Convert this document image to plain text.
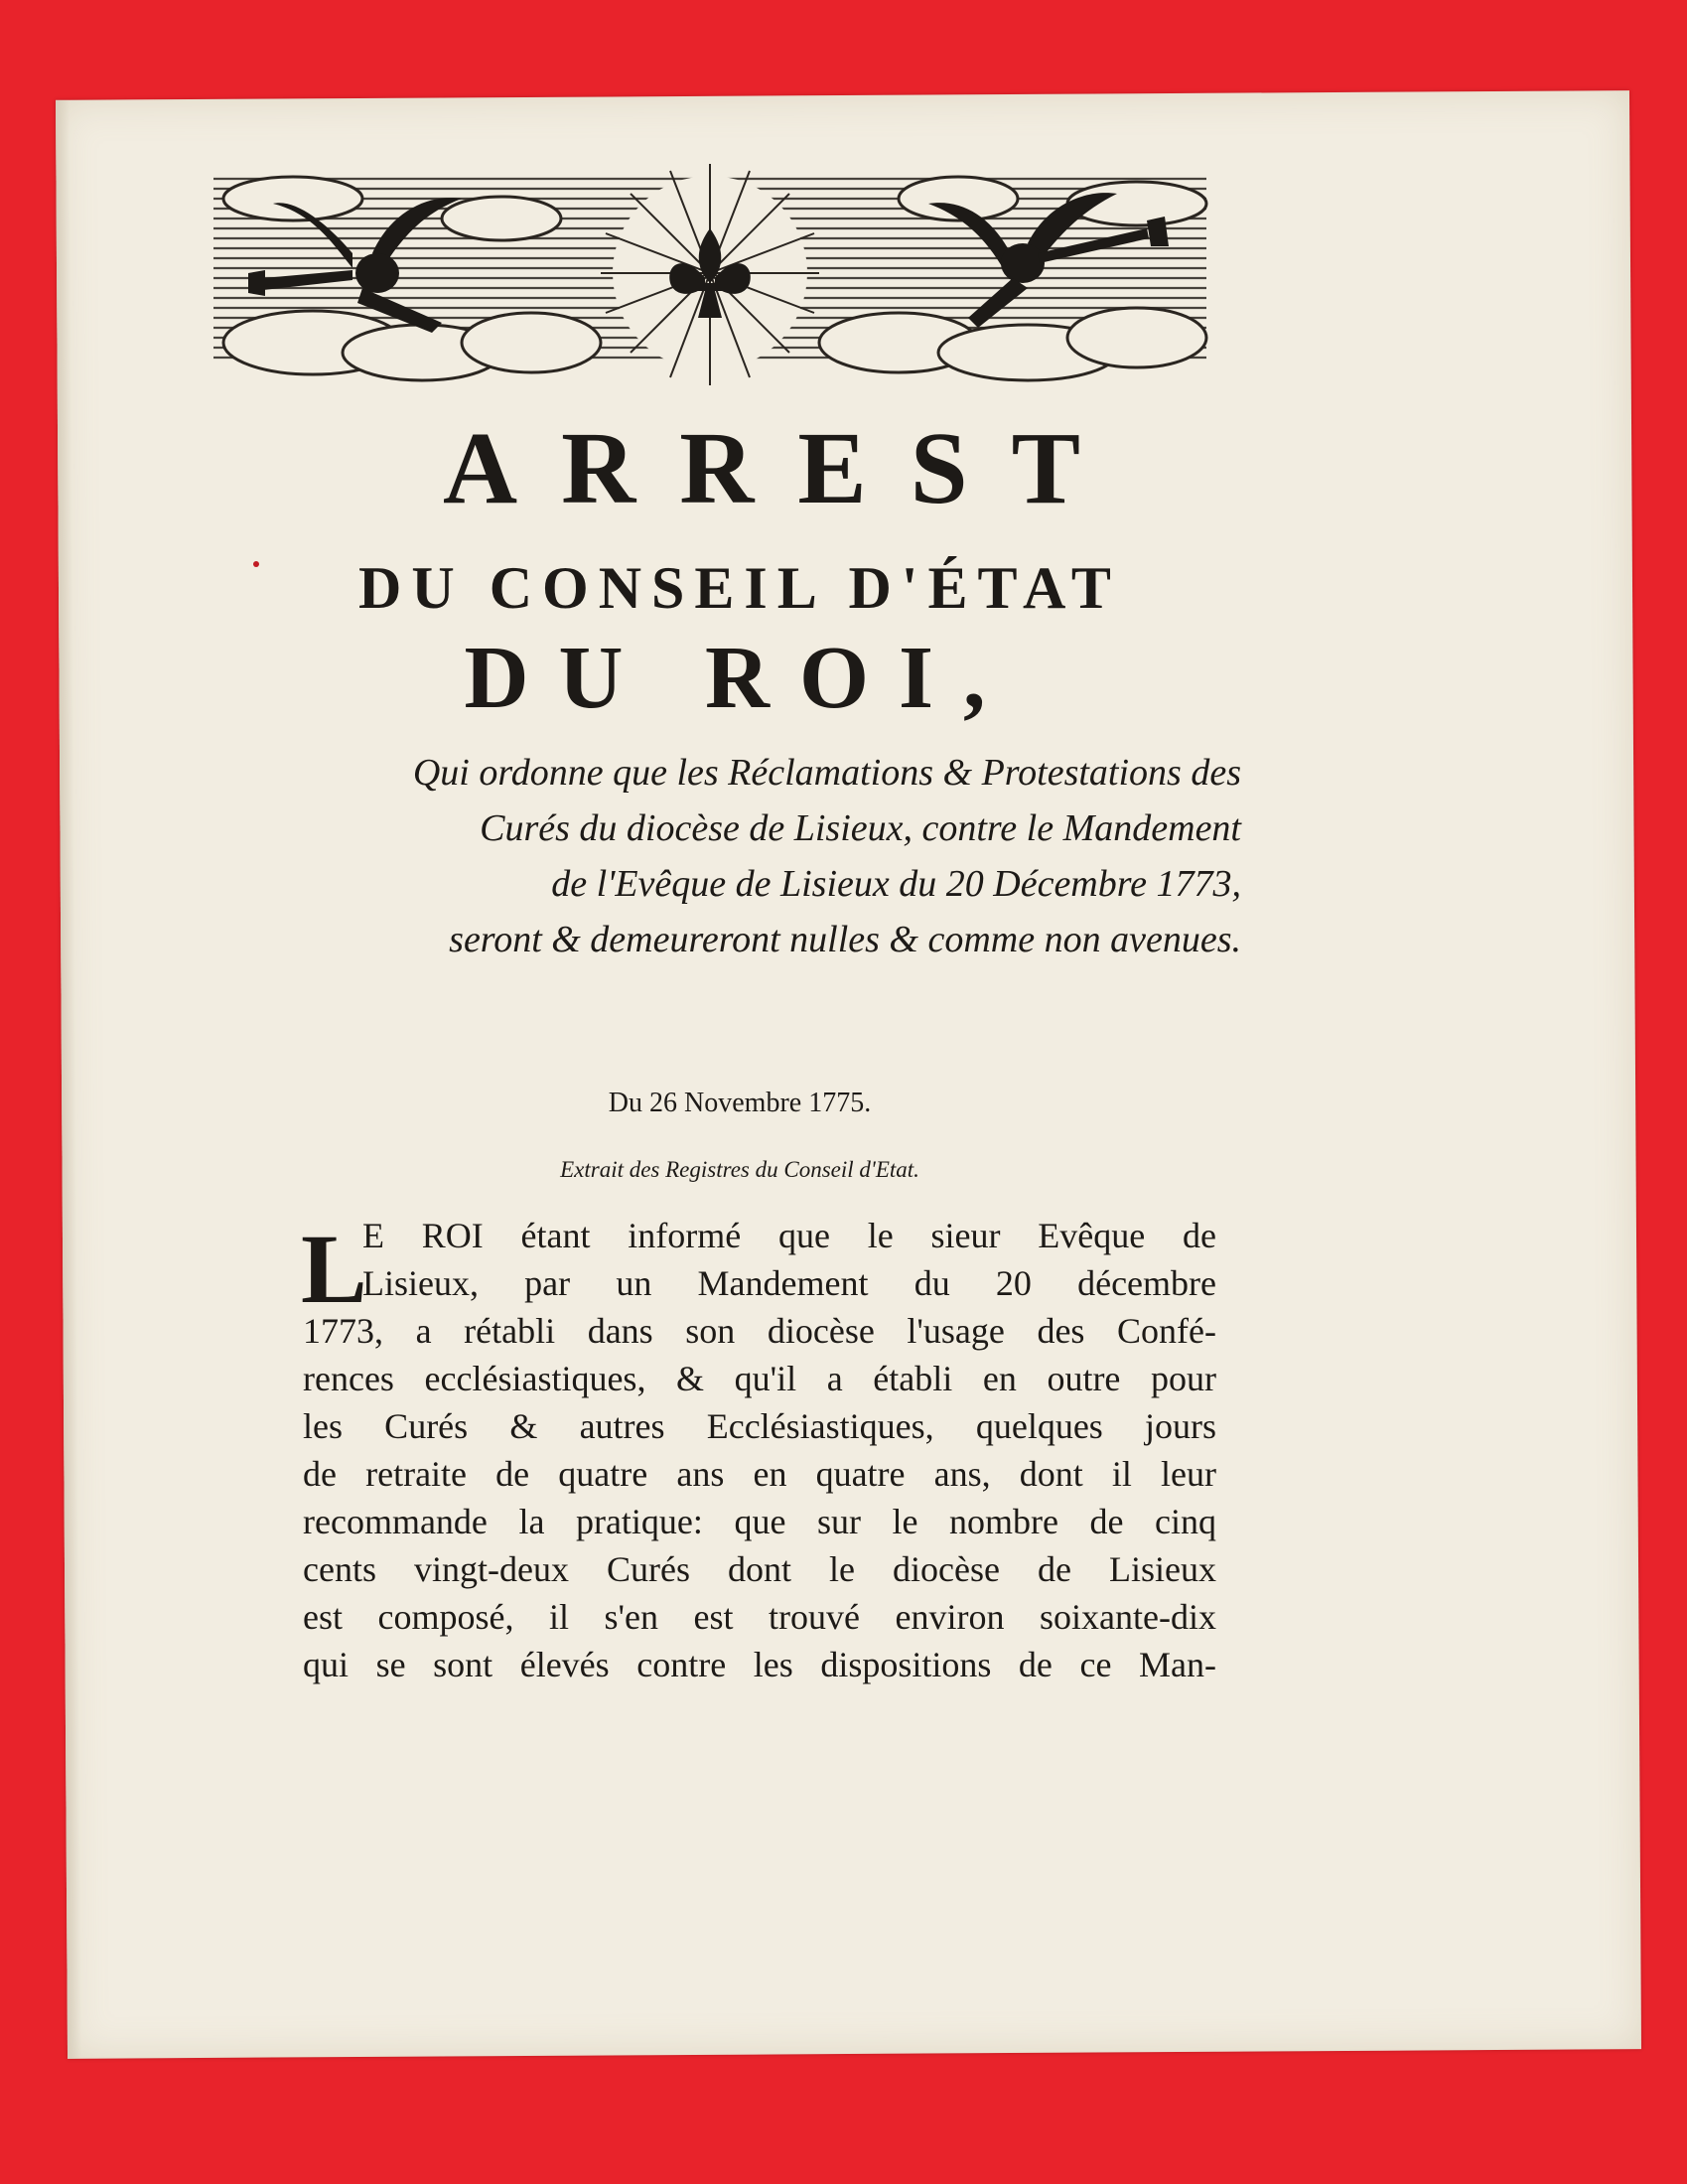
ARREST
DU CONSEIL D'ÉTAT
DU ROI,
Qui ordonne que les Réclamations & Protestations des
Curés du diocèse de Lisieux, contre le Mandement
de l'Evêque de Lisieux du 20 Décembre 1773,
seront & demeureront nulles & comme non avenues.
Du 26 Novembre 1775.
Extrait des Registres du Conseil d'Etat.
L
E ROI étant informé que le sieur Evêque de
Lisieux, par un Mandement du 20 décembre
1773, a rétabli dans son diocèse l'usage des Confé-
rences ecclésiastiques, & qu'il a établi en outre pour
les Curés & autres Ecclésiastiques, quelques jours
de retraite de quatre ans en quatre ans, dont il leur
recommande la pratique: que sur le nombre de cinq
cents vingt-deux Curés dont le diocèse de Lisieux
est composé, il s'en est trouvé environ soixante-dix
qui se sont élevés contre les dispositions de ce Man-
